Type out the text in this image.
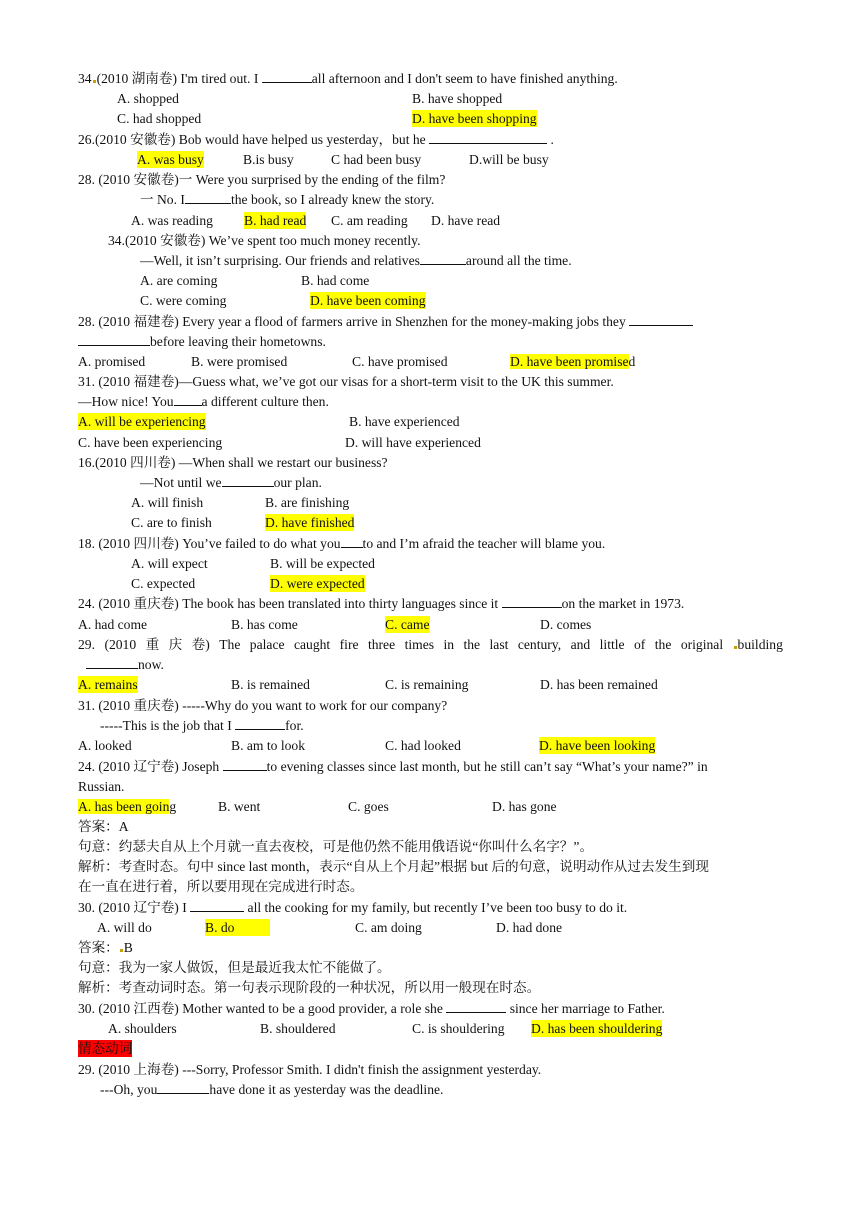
34 (2010 湖南卷) I'm tired out. I	all afternoon and I don't seem to have finished anything.
A. shopped	B. have shopped
C. had shopped	D. have been shopping
26.(2010 安徽卷) Bob would have helped us yesterday，but he	.
A. was busy	B.is busy	C had been busy	D.will be busy
28. (2010 安徽卷)一 Were you surprised by the ending of the film?
一 No. I	the book, so I already knew the story.
A. was reading B. had read C. am reading D. have read
34.(2010 安徽卷) We’ve spent too much money recently.
—Well, it isn’t surprising. Our friends and relatives	around all the time.
A. are coming	B. had come
C. were coming	D. have been coming
28. (2010 福建卷) Every year a flood of farmers arrive in Shenzhen for the money-making jobs they
before leaving their hometowns.
A. promised	B. were promised	C. have promised	D. have been promised
31. (2010 福建卷)—Guess what, we’ve got our visas for a short-term visit to the UK this summer.
—How nice! You a different culture then.
A. will be experiencing	B. have experienced
C. have been experiencing	D. will have experienced
16.(2010 四川卷) —When shall we restart our business?
—Not until we	our plan.
A. will finish	B. are finishing
C. are to finish	D. have finished
18. (2010 四川卷) You’ve failed to do what you to and I’m afraid the teacher will blame you.
A. will expect	B. will be expected
C. expected	D. were expected
24. (2010 重庆卷) The book has been translated into thirty languages since it	on the market in 1973.
A. had come	B. has come	C. came	D. comes
29. (2010 重 庆 卷) The palace caught fire three times in the last century, and little of the original	building
now.
A. remains	B. is remained	C. is remaining	D. has been remained
31. (2010 重庆卷) -----Why do you want to work for our company?
-----This is the job that I	for.
A. looked	B. am to look	C. had looked	D. have been looking
24. (2010 辽宁卷) Joseph	to evening classes since last month, but he still can’t say “What’s your name?” in
Russian.
A. has been going	B. went	C. goes	D. has gone
答案：A
句意：约瑟夫自从上个月就一直去夜校，可是他仍然不能用俄语说“你叫什么名字？”。
解析：考查时态。句中 since last month，表示“自从上个月起”根据 but 后的句意，说明动作从过去发生到现
在一直在进行着，所以要用现在完成进行时态。
30. (2010 辽宁卷) I	all the cooking for my family, but recently I’ve been too busy to do it.
A. will do	B. do	C. am doing	D. had done
答案： B
句意：我为一家人做饭，但是最近我太忙不能做了。
解析：考查动词时态。第一句表示现阶段的一种状况，所以用一般现在时态。
30. (2010 江西卷) Mother wanted to be a good provider, a role she	since her marriage to Father.
A. shoulders	B. shouldered	C. is shouldering D. has been shouldering
情态动词
29. (2010 上海卷) ---Sorry, Professor Smith. I didn't finish the assignment yesterday.
---Oh, you	have done it as yesterday was the deadline.
